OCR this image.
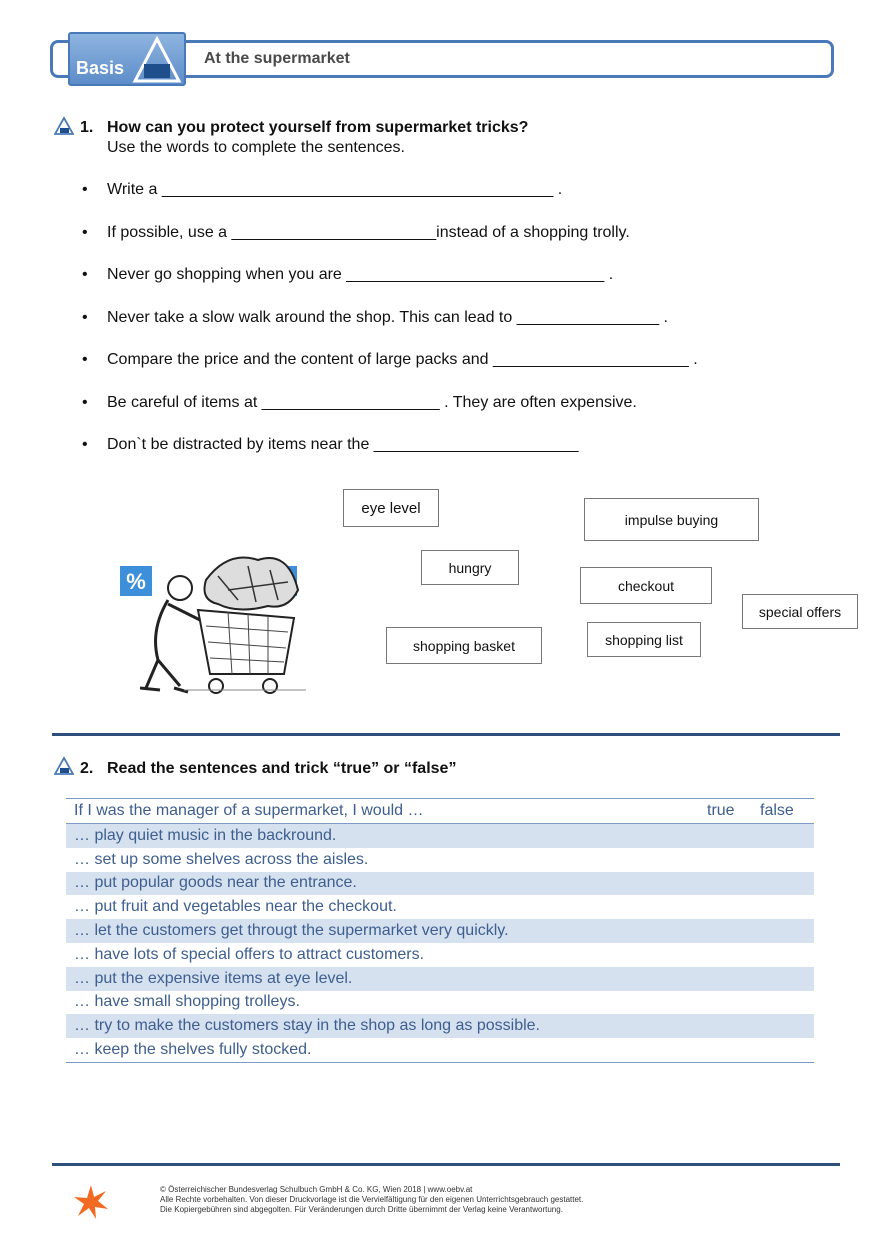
Basis	At the supermarket
1. How can you protect yourself from supermarket tricks?
Use the words to complete the sentences.
• Write a ____________________________________________ .
• If possible, use a _______________________instead of a shopping trolly.
• Never go shopping when you are _____________________________ .
• Never take a slow walk around the shop. This can lead to ________________ .
• Compare the price and the content of large packs and ______________________ .
• Be careful of items at ____________________ . They are often expensive.
• Don`t be distracted by items near the _______________________
%
eye level
impulse buying
hungry
checkout
special offers
shopping basket	shopping list
2. Read the sentences and trick “true” or “false”
If I was the manager of a supermarket, I would …	true false
… play quiet music in the backround.
… set up some shelves across the aisles.
… put popular goods near the entrance.
… put fruit and vegetables near the checkout.
… let the customers get througt the supermarket very quickly.
… have lots of special offers to attract customers.
… put the expensive items at eye level.
… have small shopping trolleys.
… try to make the customers stay in the shop as long as possible.
… keep the shelves fully stocked.
© Österreichischer Bundesverlag Schulbuch GmbH & Co. KG, Wien 2018 | www.oebv.at
Alle Rechte vorbehalten. Von dieser Druckvorlage ist die Vervielfältigung für den eigenen Unterrichtsgebrauch gestattet.
Die Kopiergebühren sind abgegolten. Für Veränderungen durch Dritte übernimmt der Verlag keine Verantwortung.
